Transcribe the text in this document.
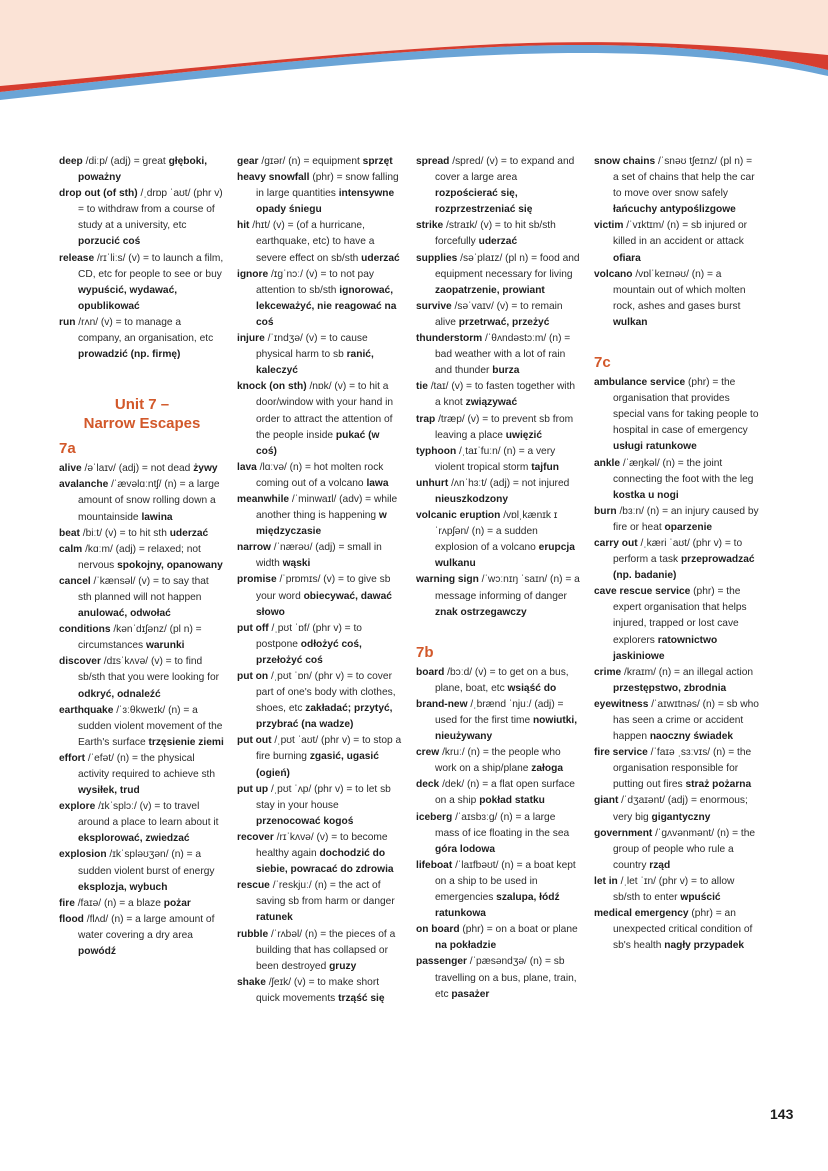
deep /diːp/ (adj) = great głęboki, poważny
drop out (of sth) /ˌdrɒp ˈaʊt/ (phr v) = to withdraw from a course of study at a university, etc porzucić coś
release /rɪˈliːs/ (v) = to launch a film, CD, etc for people to see or buy wypuścić, wydawać, opublikować
run /rʌn/ (v) = to manage a company, an organisation, etc prowadzić (np. firmę)
Unit 7 –
Narrow Escapes
7a
alive /əˈlaɪv/ (adj) = not dead żywy
avalanche /ˈævəlɑːntʃ/ (n) = a large amount of snow rolling down a mountainside lawina
beat /biːt/ (v) = to hit sth uderzać
calm /kɑːm/ (adj) = relaxed; not nervous spokojny, opanowany
cancel /ˈkænsəl/ (v) = to say that sth planned will not happen anulować, odwołać
conditions /kənˈdɪʃənz/ (pl n) = circumstances warunki
discover /dɪsˈkʌvə/ (v) = to find sb/sth that you were looking for odkryć, odnaleźć
earthquake /ˈɜːθkweɪk/ (n) = a sudden violent movement of the Earth's surface trzęsienie ziemi
effort /ˈefət/ (n) = the physical activity required to achieve sth wysiłek, trud
explore /ɪkˈsplɔː/ (v) = to travel around a place to learn about it eksplorować, zwiedzać
explosion /ɪkˈspləʊʒən/ (n) = a sudden violent burst of energy eksplozja, wybuch
fire /faɪə/ (n) = a blaze pożar
flood /flʌd/ (n) = a large amount of water covering a dry area powódź
gear /gɪər/ (n) = equipment sprzęt
heavy snowfall (phr) = snow falling in large quantities intensywne opady śniegu
hit /hɪt/ (v) = (of a hurricane, earthquake, etc) to have a severe effect on sb/sth uderzać
ignore /ɪgˈnɔː/ (v) = to not pay attention to sb/sth ignorować, lekceważyć, nie reagować na coś
injure /ˈɪndʒə/ (v) = to cause physical harm to sb ranić, kaleczyć
knock (on sth) /nɒk/ (v) = to hit a door/window with your hand in order to attract the attention of the people inside pukać (w coś)
lava /lɑːvə/ (n) = hot molten rock coming out of a volcano lawa
meanwhile /ˈminwaɪl/ (adv) = while another thing is happening w międzyczasie
narrow /ˈnærəʊ/ (adj) = small in width wąski
promise /ˈprɒmɪs/ (v) = to give sb your word obiecywać, dawać słowo
put off /ˌpʊt ˈɒf/ (phr v) = to postpone odłożyć coś, przełożyć coś
put on /ˌpʊt ˈɒn/ (phr v) = to cover part of one's body with clothes, shoes, etc zakładać; przytyć, przybrać (na wadze)
put out /ˌpʊt ˈaʊt/ (phr v) = to stop a fire burning zgasić, ugasić (ogień)
put up /ˌpʊt ˈʌp/ (phr v) = to let sb stay in your house przenocować kogoś
recover /rɪˈkʌvə/ (v) = to become healthy again dochodzić do siebie, powracać do zdrowia
rescue /ˈreskjuː/ (n) = the act of saving sb from harm or danger ratunek
rubble /ˈrʌbəl/ (n) = the pieces of a building that has collapsed or been destroyed gruzy
shake /ʃeɪk/ (v) = to make short quick movements trząść się
spread /spred/ (v) = to expand and cover a large area rozpościerać się, rozprzestrzeniać się
strike /straɪk/ (v) = to hit sb/sth forcefully uderzać
supplies /səˈplaɪz/ (pl n) = food and equipment necessary for living zaopatrzenie, prowiant
survive /səˈvaɪv/ (v) = to remain alive przetrwać, przeżyć
thunderstorm /ˈθʌndəstɔːm/ (n) = bad weather with a lot of rain and thunder burza
tie /taɪ/ (v) = to fasten together with a knot związywać
trap /træp/ (v) = to prevent sb from leaving a place uwięzić
typhoon /ˌtaɪˈfuːn/ (n) = a very violent tropical storm tajfun
unhurt /ʌnˈhɜːt/ (adj) = not injured nieuszkodzony
volcanic eruption /vɒlˌkænɪk ɪˈrʌpʃən/ (n) = a sudden explosion of a volcano erupcja wulkanu
warning sign /ˈwɔːnɪŋ ˈsaɪn/ (n) = a message informing of danger znak ostrzegawczy
7b
board /bɔːd/ (v) = to get on a bus, plane, boat, etc wsiąść do
brand-new /ˌbrænd ˈnjuː/ (adj) = used for the first time nowiutki, nieużywany
crew /kruː/ (n) = the people who work on a ship/plane załoga
deck /dek/ (n) = a flat open surface on a ship pokład statku
iceberg /ˈaɪsbɜːg/ (n) = a large mass of ice floating in the sea góra lodowa
lifeboat /ˈlaɪfbəʊt/ (n) = a boat kept on a ship to be used in emergencies szalupa, łódź ratunkowa
on board (phr) = on a boat or plane na pokładzie
passenger /ˈpæsəndʒə/ (n) = sb travelling on a bus, plane, train, etc pasażer
snow chains /ˈsnəʊ tʃeɪnz/ (pl n) = a set of chains that help the car to move over snow safely łańcuchy antypoślizgowe
victim /ˈvɪktɪm/ (n) = sb injured or killed in an accident or attack ofiara
volcano /vɒlˈkeɪnəʊ/ (n) = a mountain out of which molten rock, ashes and gases burst wulkan
7c
ambulance service (phr) = the organisation that provides special vans for taking people to hospital in case of emergency usługi ratunkowe
ankle /ˈæŋkəl/ (n) = the joint connecting the foot with the leg kostka u nogi
burn /bɜːn/ (n) = an injury caused by fire or heat oparzenie
carry out /ˌkæri ˈaʊt/ (phr v) = to perform a task przeprowadzać (np. badanie)
cave rescue service (phr) = the expert organisation that helps injured, trapped or lost cave explorers ratownictwo jaskiniowe
crime /kraɪm/ (n) = an illegal action przestępstwo, zbrodnia
eyewitness /ˈaɪwɪtnəs/ (n) = sb who has seen a crime or accident happen naoczny świadek
fire service /ˈfaɪə ˌsɜːvɪs/ (n) = the organisation responsible for putting out fires straż pożarna
giant /ˈdʒaɪənt/ (adj) = enormous; very big gigantyczny
government /ˈgʌvənmənt/ (n) = the group of people who rule a country rząd
let in /ˌlet ˈɪn/ (phr v) = to allow sb/sth to enter wpuścić
medical emergency (phr) = an unexpected critical condition of sb's health nagły przypadek
143
